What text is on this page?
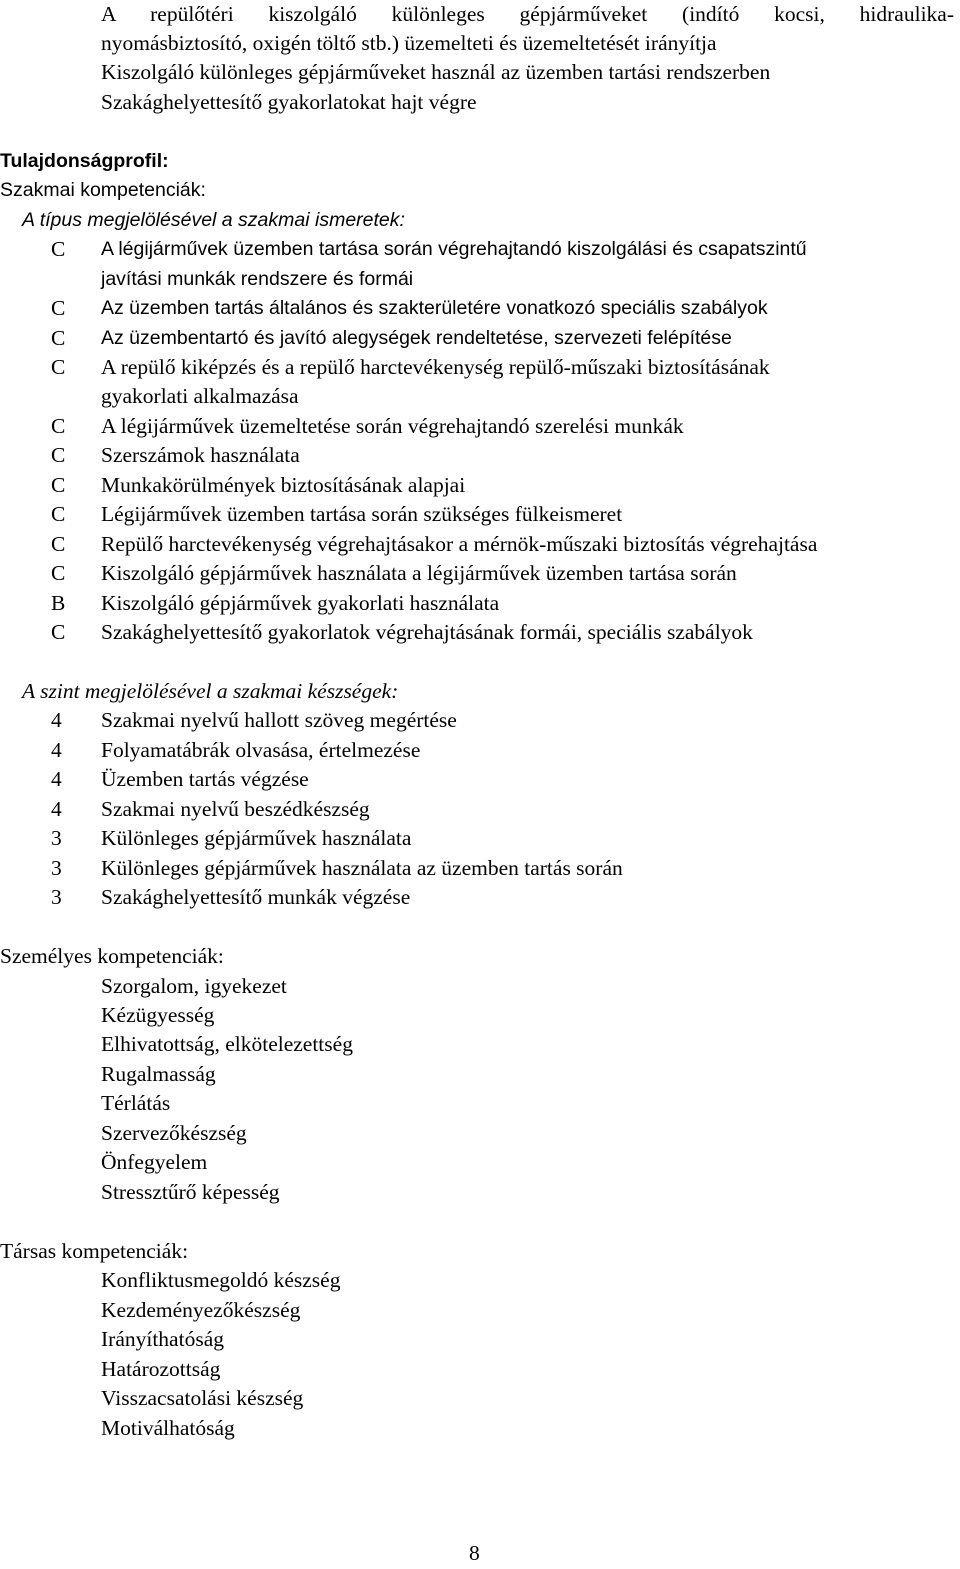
A repülőtéri kiszolgáló különleges gépjárműveket (indító kocsi, hidraulika-
nyomásbiztosító, oxigén töltő stb.) üzemelteti és üzemeltetését irányítja
Kiszolgáló különleges gépjárműveket használ az üzemben tartási rendszerben
Szakághelyettesítő gyakorlatokat hajt végre
Tulajdonságprofil:
Szakmai kompetenciák:
A típus megjelölésével a szakmai ismeretek:
C	A légijárművek üzemben tartása során végrehajtandó kiszolgálási és csapatszintű
javítási munkák rendszere és formái
C	Az üzemben tartás általános és szakterületére vonatkozó speciális szabályok
C	Az üzembentartó és javító alegységek rendeltetése, szervezeti felépítése
C	A repülő kiképzés és a repülő harctevékenység repülő-műszaki biztosításának
gyakorlati alkalmazása
C	A légijárművek üzemeltetése során végrehajtandó szerelési munkák
C	Szerszámok használata
C	Munkakörülmények biztosításának alapjai
C	Légijárművek üzemben tartása során szükséges fülkeismeret
C	Repülő harctevékenység végrehajtásakor a mérnök-műszaki biztosítás végrehajtása
C	Kiszolgáló gépjárművek használata a légijárművek üzemben tartása során
B	Kiszolgáló gépjárművek gyakorlati használata
C	Szakághelyettesítő gyakorlatok végrehajtásának formái, speciális szabályok
A szint megjelölésével a szakmai készségek:
4	Szakmai nyelvű hallott szöveg megértése
4	Folyamatábrák olvasása, értelmezése
4	Üzemben tartás végzése
4	Szakmai nyelvű beszédkészség
3	Különleges gépjárművek használata
3	Különleges gépjárművek használata az üzemben tartás során
3	Szakághelyettesítő munkák végzése
Személyes kompetenciák:
Szorgalom, igyekezet
Kézügyesség
Elhivatottság, elkötelezettség
Rugalmasság
Térlátás
Szervezőkészség
Önfegyelem
Stressztűrő képesség
Társas kompetenciák:
Konfliktusmegoldó készség
Kezdeményezőkészség
Irányíthatóság
Határozottság
Visszacsatolási készség
Motiválhatóság
8
